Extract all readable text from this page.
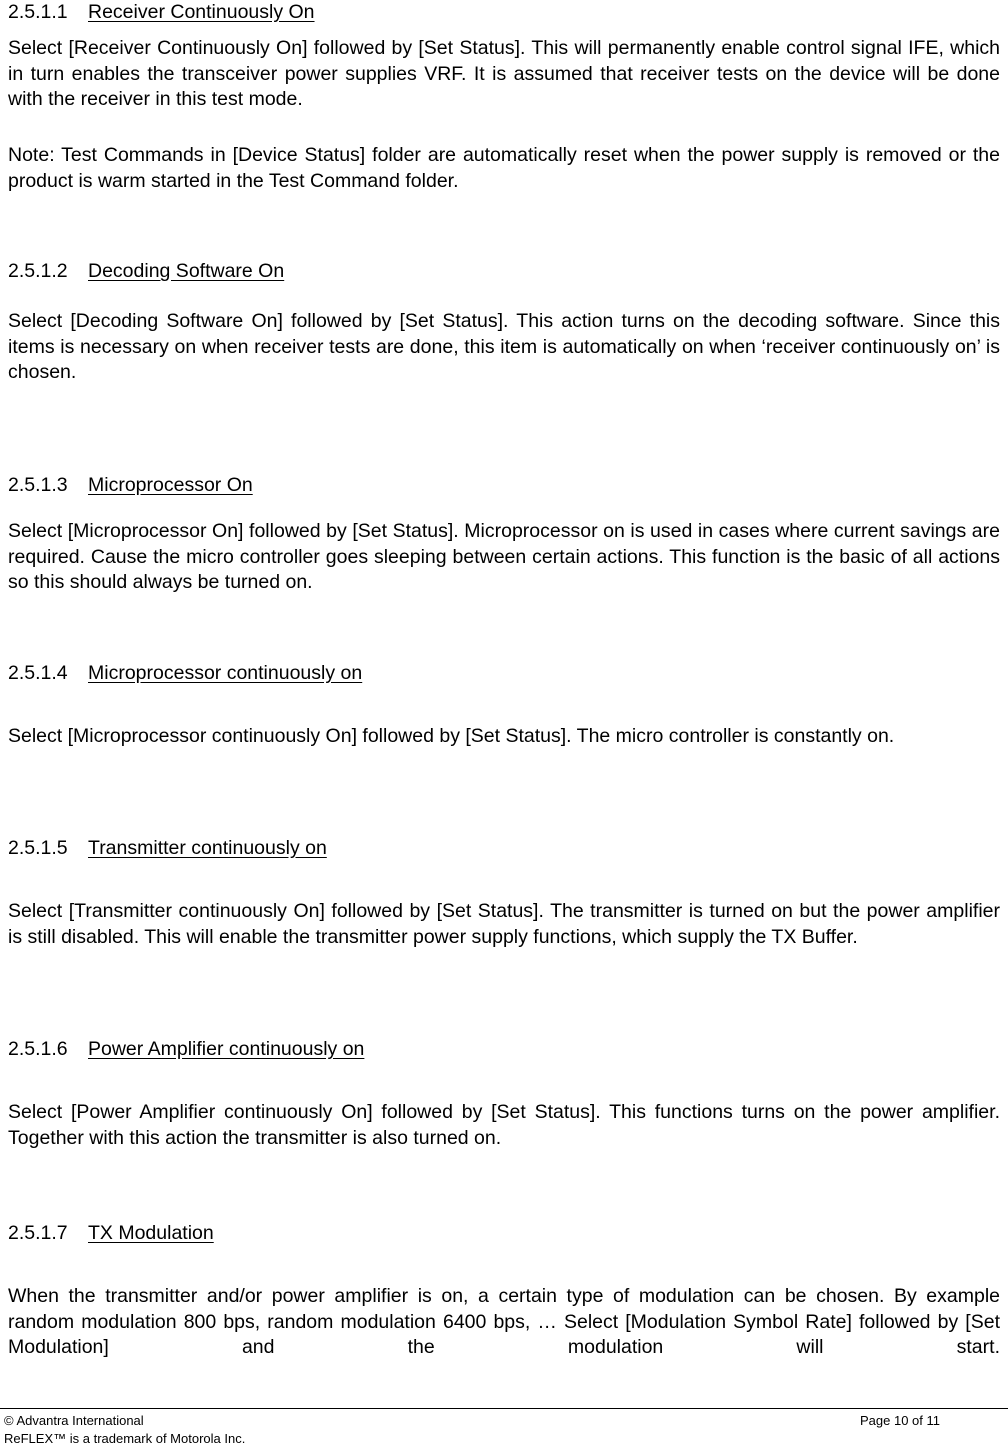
2.5.1.1 Receiver Continuously On

Select [Receiver Continuously On] followed by [Set Status]. This will permanently enable control signal IFE, which in turn enables the transceiver power supplies VRF. It is assumed that receiver tests on the device will be done with the receiver in this test mode.

Note: Test Commands in [Device Status] folder are automatically reset when the power supply is removed or the product is warm started in the Test Command folder.

2.5.1.2 Decoding Software On

Select [Decoding Software On] followed by [Set Status]. This action turns on the decoding software. Since this items is necessary on when receiver tests are done, this item is automatically on when ‘receiver continuously on’ is chosen.

2.5.1.3 Microprocessor On

Select [Microprocessor On] followed by [Set Status]. Microprocessor on is used in cases where current savings are required. Cause the micro controller goes sleeping between certain actions. This function is the basic of all actions so this should always be turned on.

2.5.1.4 Microprocessor continuously on

Select [Microprocessor continuously On] followed by [Set Status]. The micro controller is constantly on.

2.5.1.5 Transmitter continuously on

Select [Transmitter continuously On] followed by [Set Status]. The transmitter is turned on but the power amplifier is still disabled. This will enable the transmitter power supply functions, which supply the TX Buffer.

2.5.1.6 Power Amplifier continuously on

Select [Power Amplifier continuously On] followed by [Set Status]. This functions turns on the power amplifier. Together with this action the transmitter is also turned on.

2.5.1.7 TX Modulation

When the transmitter and/or power amplifier is on, a certain type of modulation can be chosen. By example random modulation 800 bps, random modulation 6400 bps, … Select [Modulation Symbol Rate] followed by [Set Modulation] and the modulation will start.

© Advantra International
ReFLEX™ is a trademark of Motorola Inc.
Page 10 of 11
